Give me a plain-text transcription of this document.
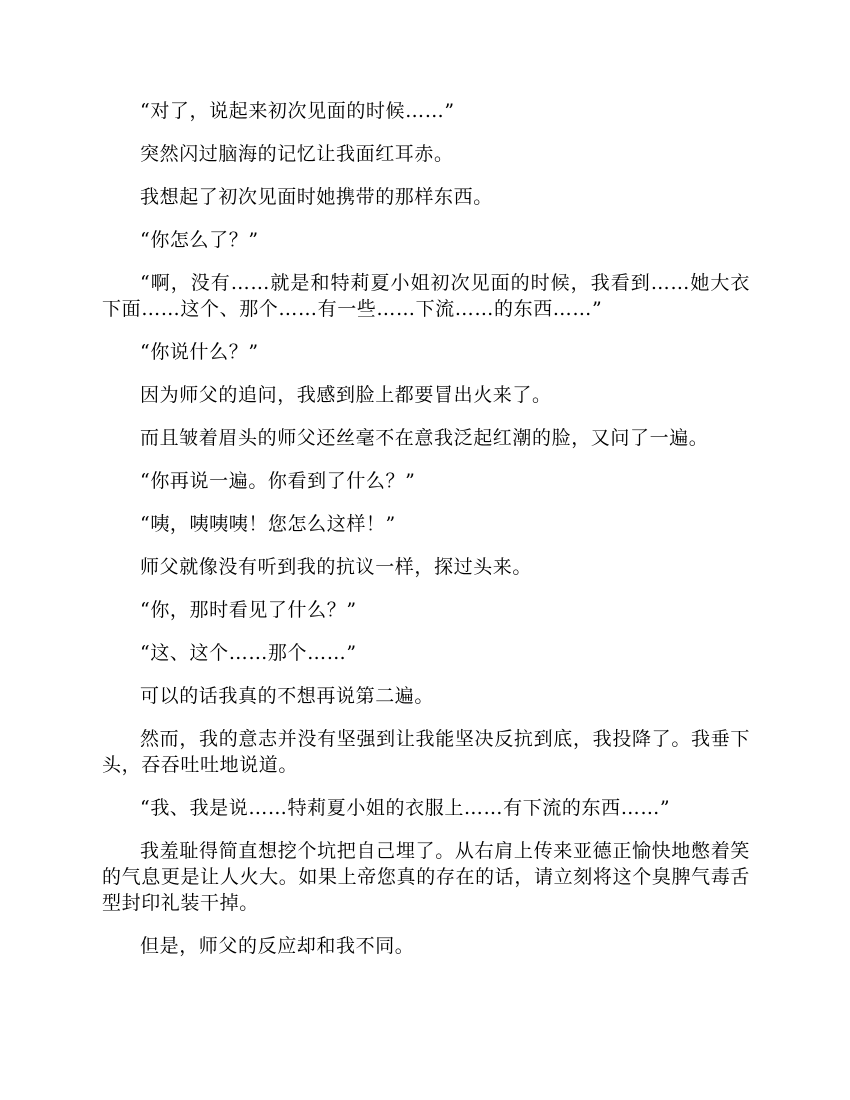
“对了，说起来初次见面的时候……”

突然闪过脑海的记忆让我面红耳赤。

我想起了初次见面时她携带的那样东西。

“你怎么了？”

“啊，没有……就是和特莉夏小姐初次见面的时候，我看到……她大衣下面……这个、那个……有一些……下流……的东西……”

“你说什么？”

因为师父的追问，我感到脸上都要冒出火来了。

而且皱着眉头的师父还丝毫不在意我泛起红潮的脸，又问了一遍。

“你再说一遍。你看到了什么？”

“咦，咦咦咦！您怎么这样！”

师父就像没有听到我的抗议一样，探过头来。

“你，那时看见了什么？”

“这、这个……那个……”

可以的话我真的不想再说第二遍。

然而，我的意志并没有坚强到让我能坚决反抗到底，我投降了。我垂下头，吞吞吐吐地说道。

“我、我是说……特莉夏小姐的衣服上……有下流的东西……”

我羞耻得简直想挖个坑把自己埋了。从右肩上传来亚德正愉快地憋着笑的气息更是让人火大。如果上帝您真的存在的话，请立刻将这个臭脾气毒舌型封印礼装干掉。

但是，师父的反应却和我不同。
